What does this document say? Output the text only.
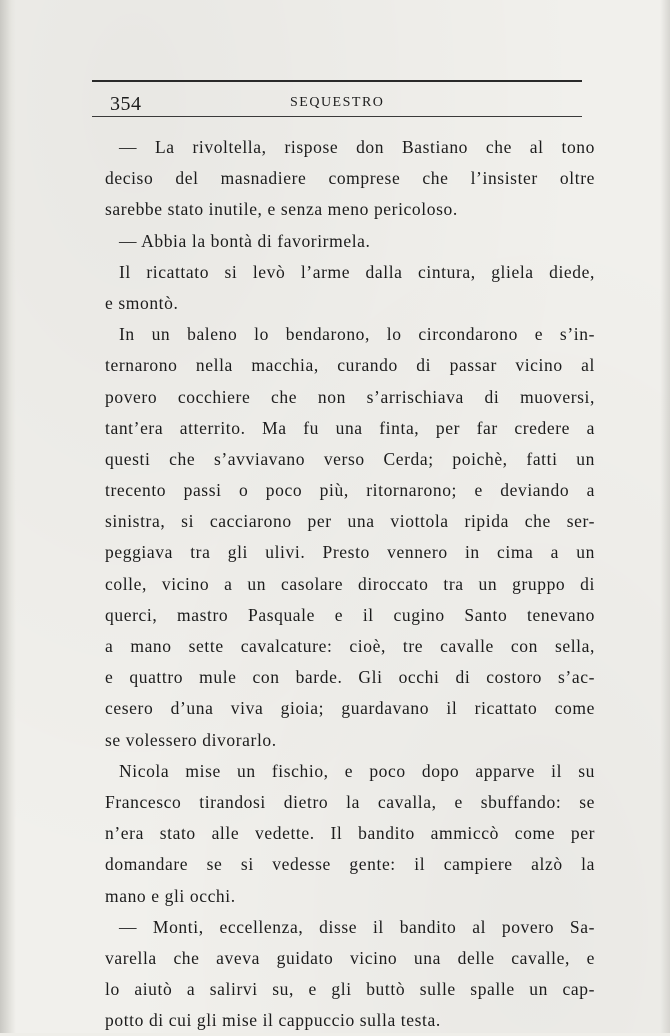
354	SEQUESTRO
— La rivoltella, rispose don Bastiano che al tono
deciso del masnadiere comprese che l’insister oltre
sarebbe stato inutile, e senza meno pericoloso.
— Abbia la bontà di favorirmela.
Il ricattato si levò l’arme dalla cintura, gliela diede,
e smontò.
In un baleno lo bendarono, lo circondarono e s’in-
ternarono nella macchia, curando di passar vicino al
povero cocchiere che non s’arrischiava di muoversi,
tant’era atterrito. Ma fu una finta, per far credere a
questi che s’avviavano verso Cerda; poichè, fatti un
trecento passi o poco più, ritornarono; e deviando a
sinistra, si cacciarono per una viottola ripida che ser-
peggiava tra gli ulivi. Presto vennero in cima a un
colle, vicino a un casolare diroccato tra un gruppo di
querci, mastro Pasquale e il cugino Santo tenevano
a mano sette cavalcature: cioè, tre cavalle con sella,
e quattro mule con barde. Gli occhi di costoro s’ac-
cesero d’una viva gioia; guardavano il ricattato come
se volessero divorarlo.
Nicola mise un fischio, e poco dopo apparve il su
Francesco tirandosi dietro la cavalla, e sbuffando: se
n’era stato alle vedette. Il bandito ammiccò come per
domandare se si vedesse gente: il campiere alzò la
mano e gli occhi.
— Monti, eccellenza, disse il bandito al povero Sa-
varella che aveva guidato vicino una delle cavalle, e
lo aiutò a salirvi su, e gli buttò sulle spalle un cap-
potto di cui gli mise il cappuccio sulla testa.
